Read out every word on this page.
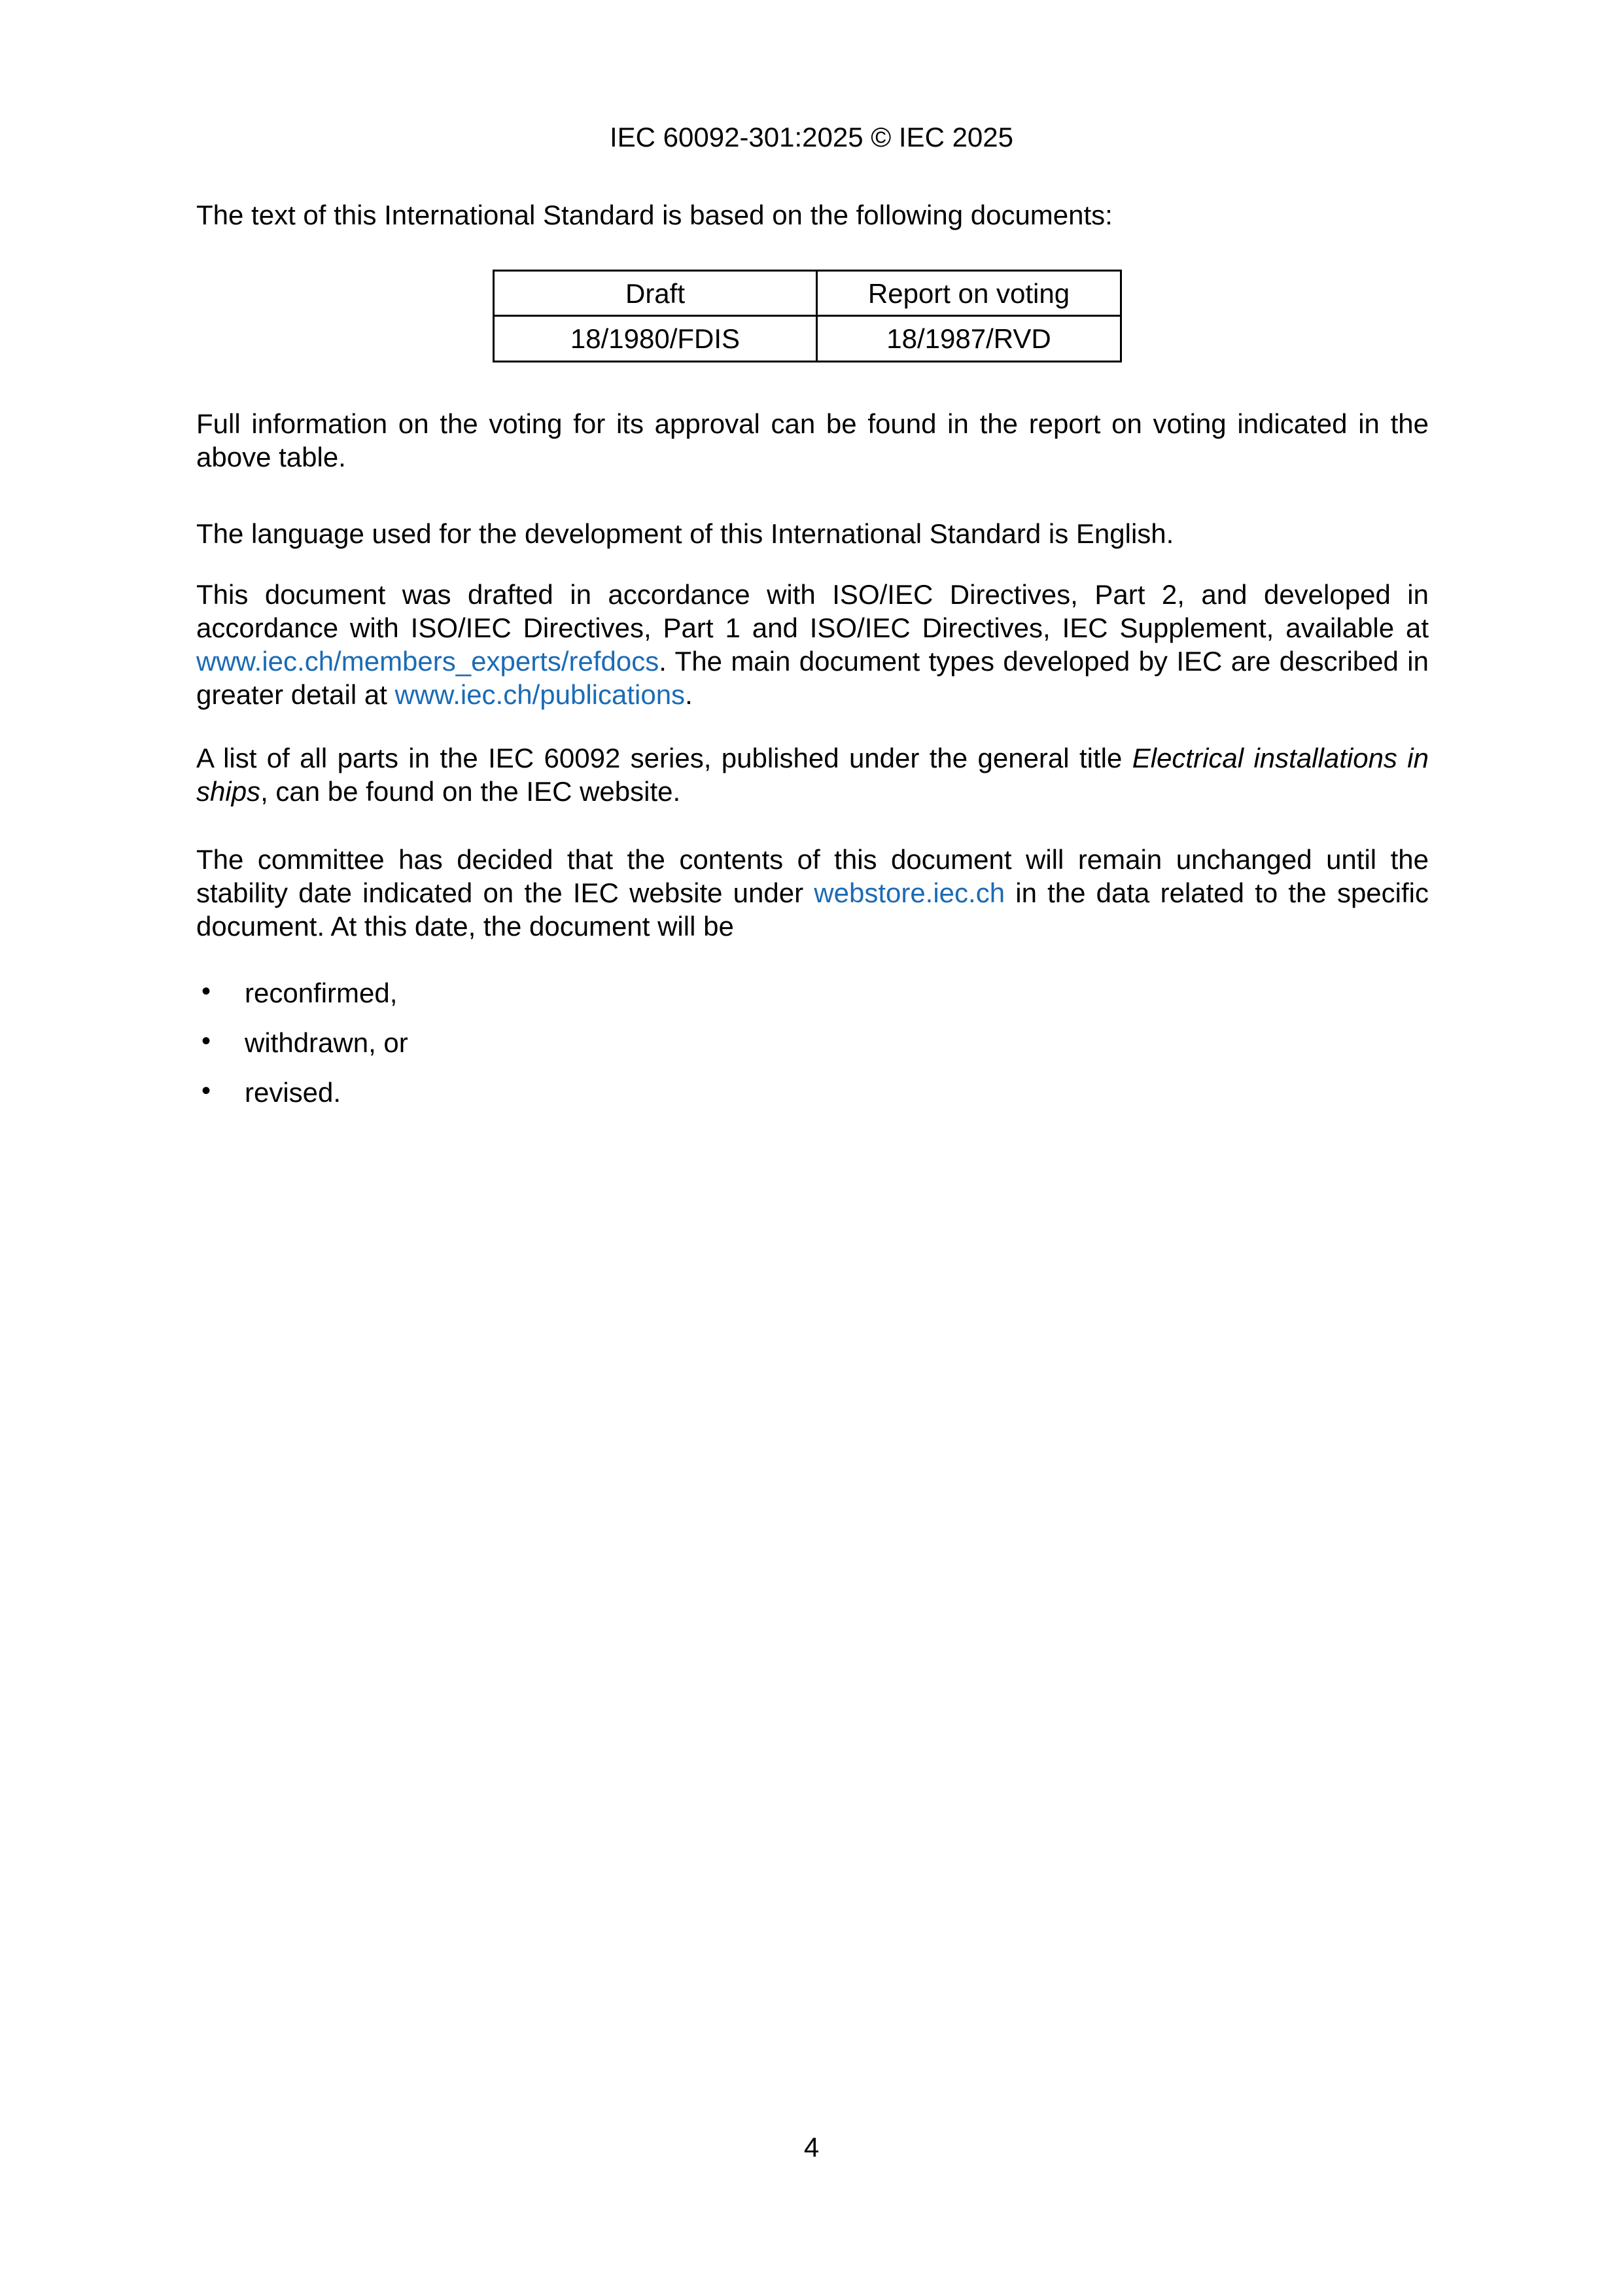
IEC 60092-301:2025 © IEC 2025

The text of this International Standard is based on the following documents:

Draft	Report on voting
18/1980/FDIS	18/1987/RVD

Full information on the voting for its approval can be found in the report on voting indicated in the above table.

The language used for the development of this International Standard is English.

This document was drafted in accordance with ISO/IEC Directives, Part 2, and developed in accordance with ISO/IEC Directives, Part 1 and ISO/IEC Directives, IEC Supplement, available at www.iec.ch/members_experts/refdocs. The main document types developed by IEC are described in greater detail at www.iec.ch/publications.

A list of all parts in the IEC 60092 series, published under the general title Electrical installations in ships, can be found on the IEC website.

The committee has decided that the contents of this document will remain unchanged until the stability date indicated on the IEC website under webstore.iec.ch in the data related to the specific document. At this date, the document will be

• reconfirmed,
• withdrawn, or
• revised.
4
